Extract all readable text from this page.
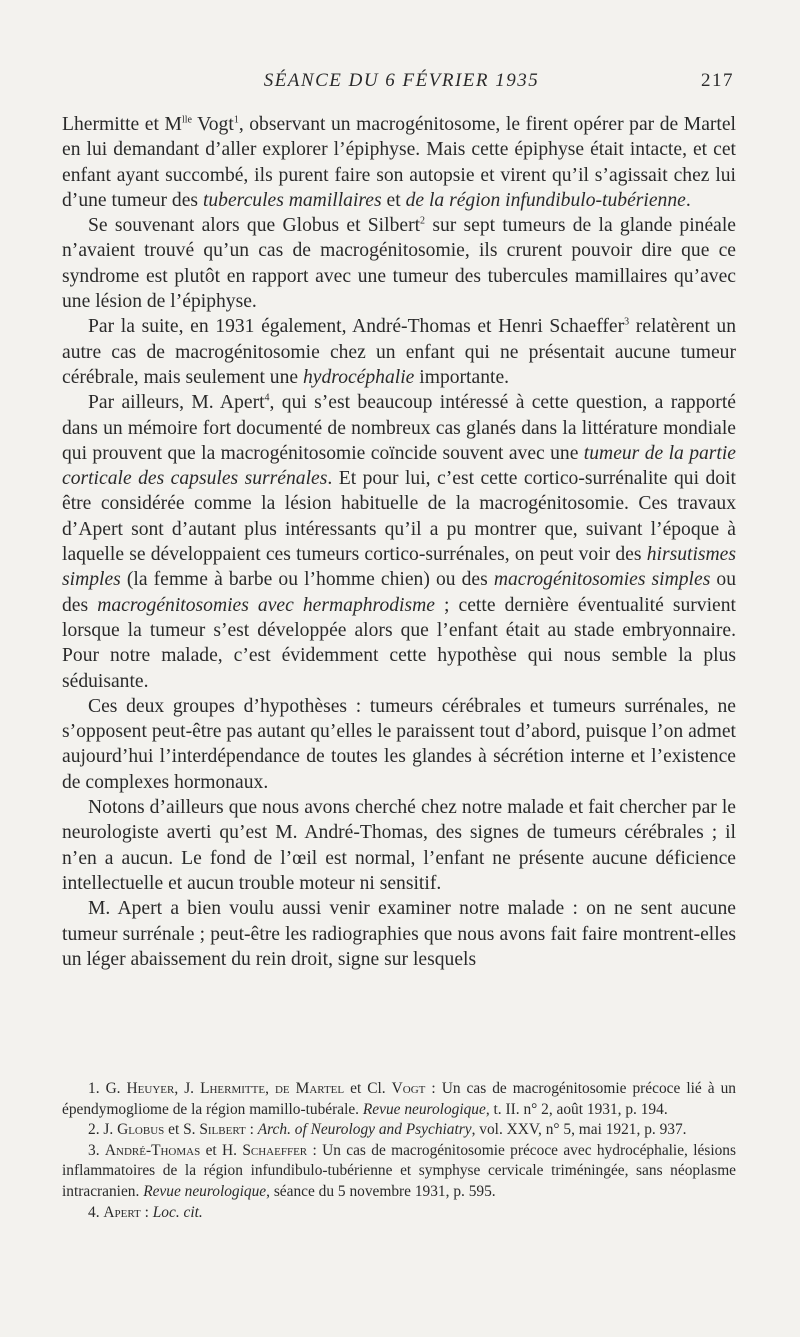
SÉANCE DU 6 FÉVRIER 1935	217

Lhermitte et $M^{lle}$ Vogt$^1$, observant un macrogénitosome, le firent opérer par de Martel en lui demandant d’aller explorer l’épiphyse. Mais cette épiphyse était intacte, et cet enfant ayant succombé, ils purent faire son autopsie et virent qu’il s’agissait chez lui d’une tumeur des tubercules mamillaires et de la région infundibulo-tubérienne.

Se souvenant alors que Globus et Silbert$^2$ sur sept tumeurs de la glande pinéale n’avaient trouvé qu’un cas de macrogénitosomie, ils crurent pouvoir dire que ce syndrome est plutôt en rapport avec une tumeur des tubercules mamillaires qu’avec une lésion de l’épiphyse.

Par la suite, en 1931 également, André-Thomas et Henri Schaeffer$^3$ relatèrent un autre cas de macrogénitosomie chez un enfant qui ne présentait aucune tumeur cérébrale, mais seulement une hydrocéphalie importante.

Par ailleurs, M. Apert$^4$, qui s’est beaucoup intéressé à cette question, a rapporté dans un mémoire fort documenté de nombreux cas glanés dans la littérature mondiale qui prouvent que la macrogénitosomie coïncide souvent avec une tumeur de la partie corticale des capsules surrénales. Et pour lui, c’est cette cortico-surrénalite qui doit être considérée comme la lésion habituelle de la macrogénitosomie. Ces travaux d’Apert sont d’autant plus intéressants qu’il a pu montrer que, suivant l’époque à laquelle se développaient ces tumeurs cortico-surrénales, on peut voir des hirsutismes simples (la femme à barbe ou l’homme chien) ou des macrogénitosomies simples ou des macrogénitosomies avec hermaphrodisme ; cette dernière éventualité survient lorsque la tumeur s’est développée alors que l’enfant était au stade embryonnaire. Pour notre malade, c’est évidemment cette hypothèse qui nous semble la plus séduisante.

Ces deux groupes d’hypothèses : tumeurs cérébrales et tumeurs surrénales, ne s’opposent peut-être pas autant qu’elles le paraissent tout d’abord, puisque l’on admet aujourd’hui l’interdépendance de toutes les glandes à sécrétion interne et l’existence de complexes hormonaux.

Notons d’ailleurs que nous avons cherché chez notre malade et fait chercher par le neurologiste averti qu’est M. André-Thomas, des signes de tumeurs cérébrales ; il n’en a aucun. Le fond de l’œil est normal, l’enfant ne présente aucune déficience intellectuelle et aucun trouble moteur ni sensitif.

M. Apert a bien voulu aussi venir examiner notre malade : on ne sent aucune tumeur surrénale ; peut-être les radiographies que nous avons fait faire montrent-elles un léger abaissement du rein droit, signe sur lesquels

1. G. Heuyer, J. Lhermitte, de Martel et Cl. Vogt : Un cas de macrogénitosomie précoce lié à un épendymogliome de la région mamillo-tubérale. Revue neurologique, t. II. n° 2, août 1931, p. 194.

2. J. Globus et S. Silbert : Arch. of Neurology and Psychiatry, vol. XXV, n° 5, mai 1921, p. 937.

3. André-Thomas et H. Schaeffer : Un cas de macrogénitosomie précoce avec hydrocéphalie, lésions inflammatoires de la région infundibulo-tubérienne et symphyse cervicale triméningée, sans néoplasme intracranien. Revue neurologique, séance du 5 novembre 1931, p. 595.

4. Apert : Loc. cit.
